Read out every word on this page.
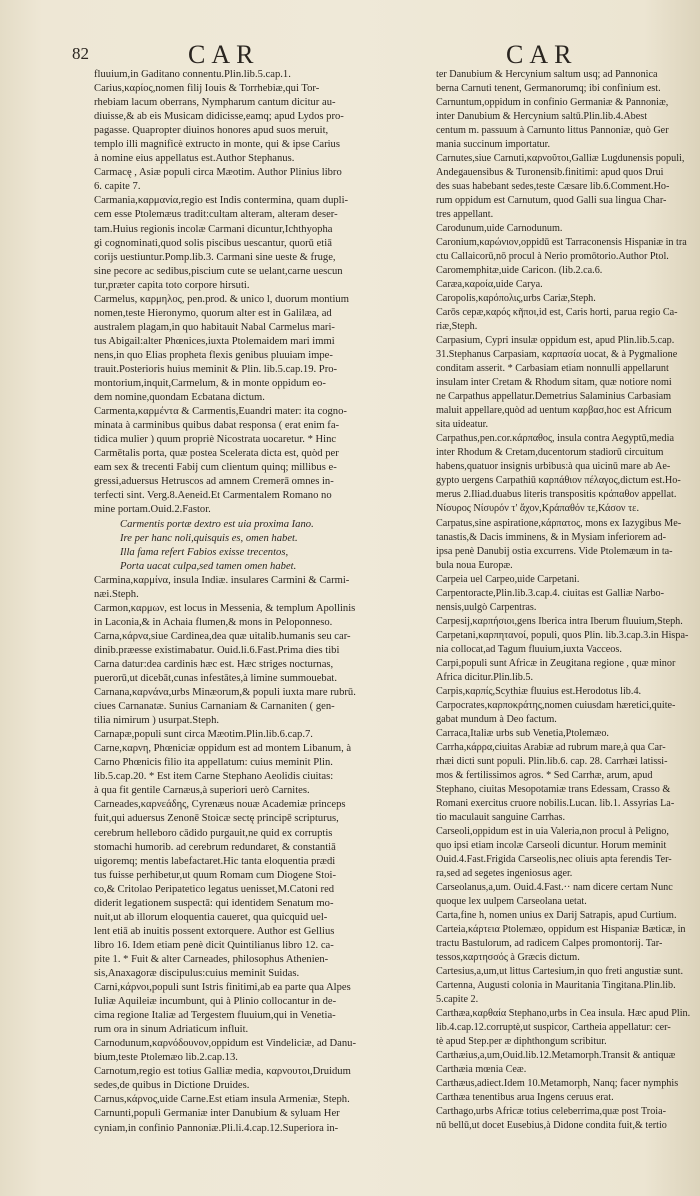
82	CAR	CAR

fluuium,in Gaditano connentu.Plin.lib.5.cap.1.

Carius,καρίος,nomen filij Iouis & Torrhebiæ,qui Tor-

rhebiam lacum oberrans, Nympharum cantum dicitur au-

diuisse,& ab eis Musicam didicisse,eamq; apud Lydos pro-

pagasse. Quapropter diuinos honores apud suos meruit,

templo illi magnificè extructo in monte, qui & ipse Carius

à nomine eius appellatus est.Author Stephanus.

Carmacę , Asiæ populi circa Mæotim. Author Plinius libro

6. capite 7.

Carmania,καρμανία,regio est Indis contermina, quam dupli-

cem esse Ptolemæus tradit:cultam alteram, alteram deser-

tam.Huius regionis incolæ Carmani dicuntur,Ichthyopha

gi cognominati,quod solis piscibus uescantur, quorū etiā

corijs uestiuntur.Pomp.lib.3. Carmani sine ueste & fruge,

sine pecore ac sedibus,piscium cute se uelant,carne uescun

tur,præter capita toto corpore hirsuti.

Carmelus, καρμηλος, pen.prod. & unico l, duorum montium

nomen,teste Hieronymo, quorum alter est in Galilæa, ad

australem plagam,in quo habitauit Nabal Carmelus mari-

tus Abigail:alter Phœnices,iuxta Ptolemaidem mari immi

nens,in quo Elias propheta flexis genibus pluuiam impe-

trauit.Posterioris huius meminit & Plin. lib.5.cap.19. Pro-

montorium,inquit,Carmelum, & in monte oppidum eo-

dem nomine,quondam Ecbatana dictum.

Carmenta,καρμέντα & Carmentis,Euandri mater: ita cogno-

minata à carminibus quibus dabat responsa ( erat enim fa-

tidica mulier ) quum propriè Nicostrata uocaretur. * Hinc

Carmētalis porta, quæ postea Scelerata dicta est, quòd per

eam sex & trecenti Fabij cum clientum quinq; millibus e-

gressi,aduersus Hetruscos ad amnem Cremerā omnes in-

terfecti sint. Verg.8.Aeneid.Et Carmentalem Romano no

mine portam.Ouid.2.Fastor.

Carmentis portæ dextro est uia proxima Iano.

Ire per hanc noli,quisquis es, omen habet.

Illa fama refert Fabios exisse trecentos,

Porta uacat culpa,sed tamen omen habet.

Carmina,καρμίνα, insula Indiæ. insulares Carmini & Carmi-

næi.Steph.

Carmon,καρμων, est locus in Messenia, & templum Apollinis

in Laconia,& in Achaia flumen,& mons in Peloponneso.

Carna,κάρνα,siue Cardinea,dea quæ uitalib.humanis seu car-

dinib.præesse existimabatur. Ouid.li.6.Fast.Prima dies tibi

Carna datur:dea cardinis hæc est. Hæc striges nocturnas,

puerorū,ut dicebāt,cunas infestātes,à limine summouebat.

Carnana,καρνάνα,urbs Minæorum,& populi iuxta mare rubrū.

ciues Carnanatæ. Sunius Carnaniam & Carnaniten ( gen-

tilia nimirum ) usurpat.Steph.

Carnapæ,populi sunt circa Mæotim.Plin.lib.6.cap.7.

Carne,καρνη, Phœniciæ oppidum est ad montem Libanum, à

Carno Phœnicis filio ita appellatum: cuius meminit Plin.

lib.5.cap.20. * Est item Carne Stephano Aeolidis ciuitas:

à qua fit gentile Carnæus,à superiori uerò Carnites.

Carneades,καρνεάδης, Cyrenæus nouæ Academiæ princeps

fuit,qui aduersus Zenonē Stoicæ sectę principē scripturus,

cerebrum helleboro cādido purgauit,ne quid ex corruptis

stomachi humorib. ad cerebrum redundaret, & constantiā

uigoremq; mentis labefactaret.Hic tanta eloquentia prædi

tus fuisse perhibetur,ut quum Romam cum Diogene Stoi-

co,& Critolao Peripatetico legatus uenisset,M.Catoni red

diderit legationem suspectā: qui identidem Senatum mo-

nuit,ut ab illorum eloquentia caueret, qua quicquid uel-

lent etiā ab inuitis possent extorquere. Author est Gellius

libro 16. Idem etiam penè dicit Quintilianus libro 12. ca-

pite 1. * Fuit & alter Carneades, philosophus Athenien-

sis,Anaxagoræ discipulus:cuius meminit Suidas.

Carni,κάρνοι,populi sunt Istris finitimi,ab ea parte qua Alpes

Iuliæ Aquileiæ incumbunt, qui à Plinio collocantur in de-

cima regione Italiæ ad Tergestem fluuium,qui in Venetia-

rum ora in sinum Adriaticum influit.

Carnodunum,καρνόδουνον,oppidum est Vindeliciæ, ad Danu-

bium,teste Ptolemæo lib.2.cap.13.

Carnotum,regio est totius Galliæ media, καρνουτοι,Druidum

sedes,de quibus in Dictione Druides.

Carnus,κάρνος,uide Carne.Est etiam insula Armeniæ, Steph.

Carnunti,populi Germaniæ inter Danubium & syluam Her

cyniam,in confinio Pannoniæ.Pli.li.4.cap.12.Superiora in-

ter Danubium & Hercynium saltum usq; ad Pannonica

berna Carnuti tenent, Germanorumq; ibi confinium est.

Carnuntum,oppidum in confinio Germaniæ & Pannoniæ,

inter Danubium & Hercynium saltū.Plin.lib.4.Abest

centum m. passuum à Carnunto littus Pannoniæ, quò Ger

mania succinum importatur.

Carnutes,siue Carnuti,καρνοῦτοι,Galliæ Lugdunensis populi,

Andegauensibus & Turonensib.finitimi: apud quos Drui

des suas habebant sedes,teste Cæsare lib.6.Comment.Ho-

rum oppidum est Carnutum, quod Galli sua lingua Char-

tres appellant.

Carodunum,uide Carnodunum.

Caronium,καρώνιον,oppidū est Tarraconensis Hispaniæ in tra

ctu Callaicorū,nō procul à Nerio promōtorio.Author Ptol.

Caromemphitæ,uide Caricon. (lib.2.ca.6.

Caræa,καροία,uide Carya.

Caropolis,καρόπολις,urbs Cariæ,Steph.

Carōs cepæ,καρός κῆποι,id est, Caris horti, parua regio Ca-

riæ,Steph.

Carpasium, Cypri insulæ oppidum est, apud Plin.lib.5.cap.

31.Stephanus Carpasiam, καρπασία uocat, & à Pygmalione

conditam asserit. * Carbasiam etiam nonnulli appellarunt

insulam inter Cretam & Rhodum sitam, quæ notiore nomi

ne Carpathus appellatur.Demetrius Salaminius Carbasiam

maluit appellare,quòd ad uentum καρβασ,hoc est Africum

sita uideatur.

Carpathus,pen.cor.κάρπαθος, insula contra Aegyptū,media

inter Rhodum & Cretam,ducentorum stadiorū circuitum

habens,quatuor insignis urbibus:à qua uicinū mare ab Ae-

gypto uergens Carpathiū καρπάθιον πέλαγος,dictum est.Ho-

merus 2.Iliad.duabus literis transpositis κράπαθον appellat.

Νίσυρος Νίσυρόν τ' ἄχον,Κράπαθόν τε,Κάσον τε.

Carpatus,sine aspiratione,κάρπατος, mons ex Iazygibus Me-

tanastis,& Dacis imminens, & in Mysiam inferiorem ad-

ipsa penè Danubij ostia excurrens. Vide Ptolemæum in ta-

bula noua Europæ.

Carpeia uel Carpeo,uide Carpetani.

Carpentoracte,Plin.lib.3.cap.4. ciuitas est Galliæ Narbo-

nensis,uulgò Carpentras.

Carpesij,καρπήσιοι,gens Iberica intra Iberum fluuium,Steph.

Carpetani,καρπητανοί, populi, quos Plin. lib.3.cap.3.in Hispa-

nia collocat,ad Tagum fluuium,iuxta Vacceos.

Carpi,populi sunt Africæ in Zeugitana regione , quæ minor

Africa dicitur.Plin.lib.5.

Carpis,καρπίς,Scythiæ fluuius est.Herodotus lib.4.

Carpocrates,καρποκράτης,nomen cuiusdam hæretici,quite-

gabat mundum à Deo factum.

Carraca,Italiæ urbs sub Venetia,Ptolemæo.

Carrha,κάρρα,ciuitas Arabiæ ad rubrum mare,à qua Car-

rhæi dicti sunt populi. Plin.lib.6. cap. 28. Carrhæi latissi-

mos & fertilissimos agros. * Sed Carrhæ, arum, apud

Stephano, ciuitas Mesopotamiæ trans Edessam, Crasso &

Romani exercitus cruore nobilis.Lucan. lib.1. Assyrias La-

tio maculauit sanguine Carrhas.

Carseoli,oppidum est in uia Valeria,non procul à Peligno,

quo ipsi etiam incolæ Carseoli dicuntur. Horum meminit

Ouid.4.Fast.Frigida Carseolis,nec oliuis apta ferendis Ter-

ra,sed ad segetes ingeniosus ager.

Carseolanus,a,um. Ouid.4.Fast.·· nam dicere certam Nunc

quoque lex uulpem Carseolana uetat.

Carta,fine h, nomen unius ex Darij Satrapis, apud Curtium.

Carteia,κάρτεια Ptolemæo, oppidum est Hispaniæ Bæticæ, in

tractu Bastulorum, ad radicem Calpes promontorij. Tar-

tessos,καρτησσός à Græcis dictum.

Cartesius,a,um,ut littus Cartesium,in quo freti angustiæ sunt.

Cartenna, Augusti colonia in Mauritania Tingitana.Plin.lib.

5.capite 2.

Carthæa,καρθαία Stephano,urbs in Cea insula. Hæc apud Plin.

lib.4.cap.12.corruptè,ut suspicor, Cartheia appellatur: cer-

tè apud Step.per æ diphthongum scribitur.

Carthæius,a,um,Ouid.lib.12.Metamorph.Transit & antiquæ

Carthæia mœnia Ceæ.

Carthæus,adiect.Idem 10.Metamorph, Nanq; facer nymphis

Carthæa tenentibus arua Ingens ceruus erat.

Carthago,urbs Africæ totius celeberrima,quæ post Troia-

nū bellū,ut docet Eusebius,à Didone condita fuit,& tertio
